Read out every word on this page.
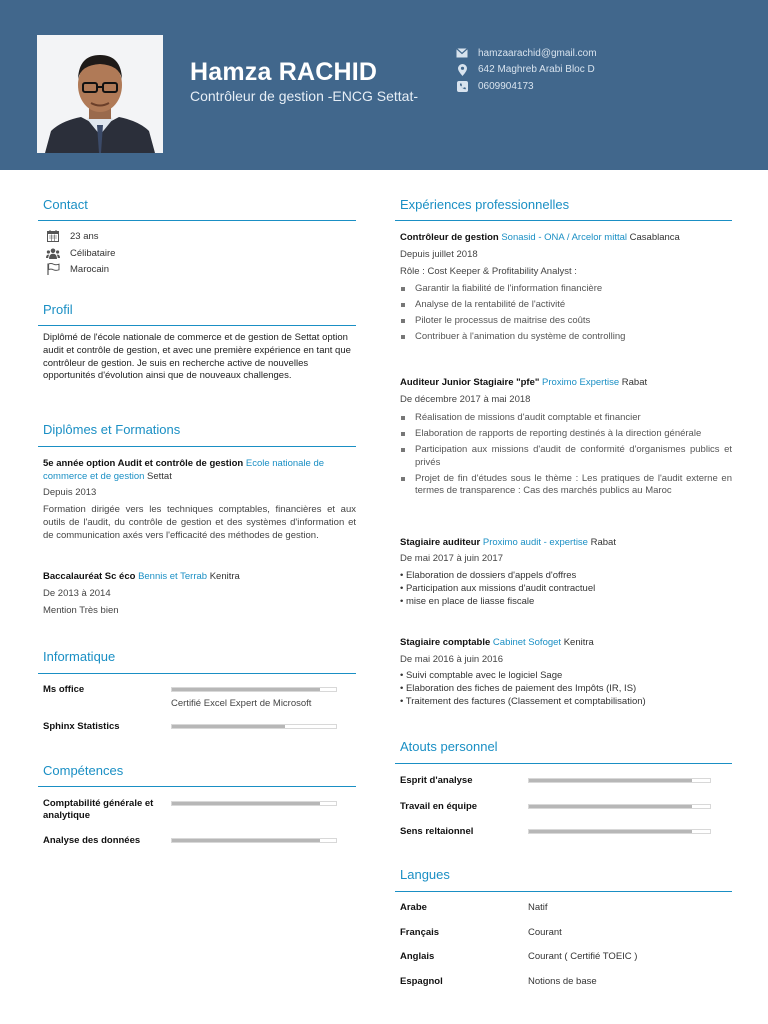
Hamza RACHID
Contrôleur de gestion -ENCG Settat-
hamzaarachid@gmail.com
642 Maghreb Arabi Bloc D
0609904173
Contact
23 ans
Célibataire
Marocain
Profil
Diplômé de l'école nationale de commerce et de gestion de Settat option audit et contrôle de gestion, et avec une première expérience en tant que contrôleur de gestion. Je suis en recherche active de nouvelles opportunités d'évolution ainsi que de nouveaux challenges.
Diplômes et Formations
5e année option Audit et contrôle de gestion Ecole nationale de commerce et de gestion Settat
Depuis 2013
Formation dirigée vers les techniques comptables, financières et aux outils de l'audit, du contrôle de gestion et des systèmes d'information et de communication axés vers l'efficacité des méthodes de gestion.
Baccalauréat Sc éco Bennis et Terrab Kenitra
De 2013 à 2014
Mention Très bien
Informatique
Ms office
Certifié Excel Expert de Microsoft
Sphinx Statistics
Compétences
Comptabilité générale et analytique
Analyse des données
Expériences professionnelles
Contrôleur de gestion Sonasid - ONA / Arcelor mittal Casablanca
Depuis juillet 2018
Rôle : Cost Keeper & Profitability Analyst :
Garantir la fiabilité de l'information financière
Analyse de la rentabilité de l'activité
Piloter le processus de maitrise des coûts
Contribuer à l'animation du système de controlling
Auditeur Junior Stagiaire "pfe" Proximo Expertise Rabat
De décembre 2017 à mai 2018
Réalisation de missions d'audit comptable et financier
Elaboration de rapports de reporting destinés à la direction générale
Participation aux missions d'audit de conformité d'organismes publics et privés
Projet de fin d'études sous le thème : Les pratiques de l'audit externe en termes de transparence : Cas des marchés publics au Maroc
Stagiaire auditeur Proximo audit - expertise Rabat
De mai 2017 à juin 2017
• Elaboration de dossiers d'appels d'offres
• Participation aux missions d'audit contractuel
• mise en place de liasse fiscale
Stagiaire comptable Cabinet Sofoget Kenitra
De mai 2016 à juin 2016
• Suivi comptable avec le logiciel Sage
• Elaboration des fiches de paiement des Impôts (IR, IS)
• Traitement des factures (Classement et comptabilisation)
Atouts personnel
Esprit d'analyse
Travail en équipe
Sens reltaionnel
Langues
Arabe	Natif
Français	Courant
Anglais	Courant ( Certifié TOEIC )
Espagnol	Notions de base
